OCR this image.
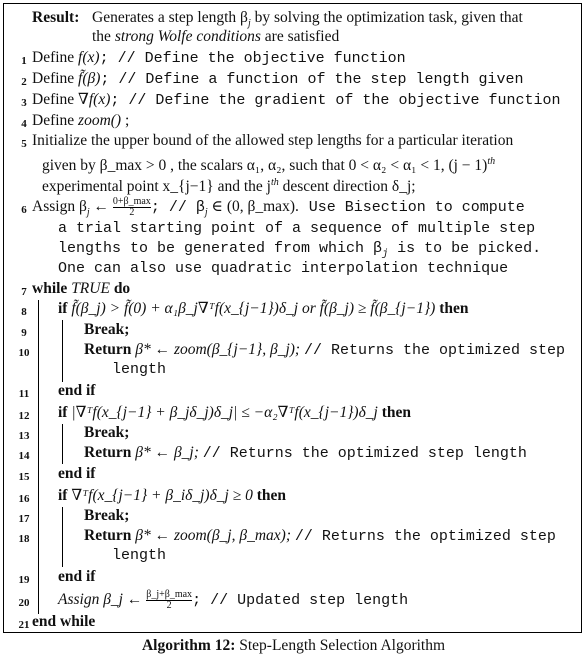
Result: Generates a step length $\beta_j$ by solving the optimization task, given that
the strong Wolfe conditions are satisfied
1 Define f(x); // Define the objective function
2 Define f̃(β); // Define a function of the step length given
3 Define ∇f(x); // Define the gradient of the objective function
4 Define zoom() ;
5 Initialize the upper bound of the allowed step lengths for a particular iteration
given by β_max > 0 , the scalars α₁, α₂, such that 0 < α₂ < α₁ < 1, $(j - 1)^{th}$
experimental point x_{j−1} and the $j^{th}$ descent direction δ_j;
6 Assign $\beta_j$ ← 0+β_max
2	; // $\beta_j$ ∈ (0, β_max). Use Bisection to compute
a trial starting point of a sequence of multiple step
lengths to be generated from which $\beta_j$ is to be picked.
One can also use quadratic interpolation technique
7 while TRUE do
8	if f̃(β_j) > f̃(0) + α₁β_j∇ᵀf(x_{j−1})δ_j or f̃(β_j) ≥ f̃(β_{j−1}) then
9	Break;
10	Return β* ← zoom(β_{j−1}, β_j); // Returns the optimized step
length
11	end if
12 if |∇ᵀf(x_{j−1} + β_jδ_j)δ_j| ≤ −α₂∇ᵀf(x_{j−1})δ_j then
13	Break;
14	Return β* ← β_j; // Returns the optimized step length
15 end if
16 if ∇ᵀf(x_{j−1} + β_iδ_j)δ_j ≥ 0 then
17	Break;
18	Return β* ← zoom(β_j, β_max); // Returns the optimized step
length
19 end if
20 Assign β_j ← β_j+β_max
2	; // Updated step length
21 end while
Algorithm 12: Step-Length Selection Algorithm
